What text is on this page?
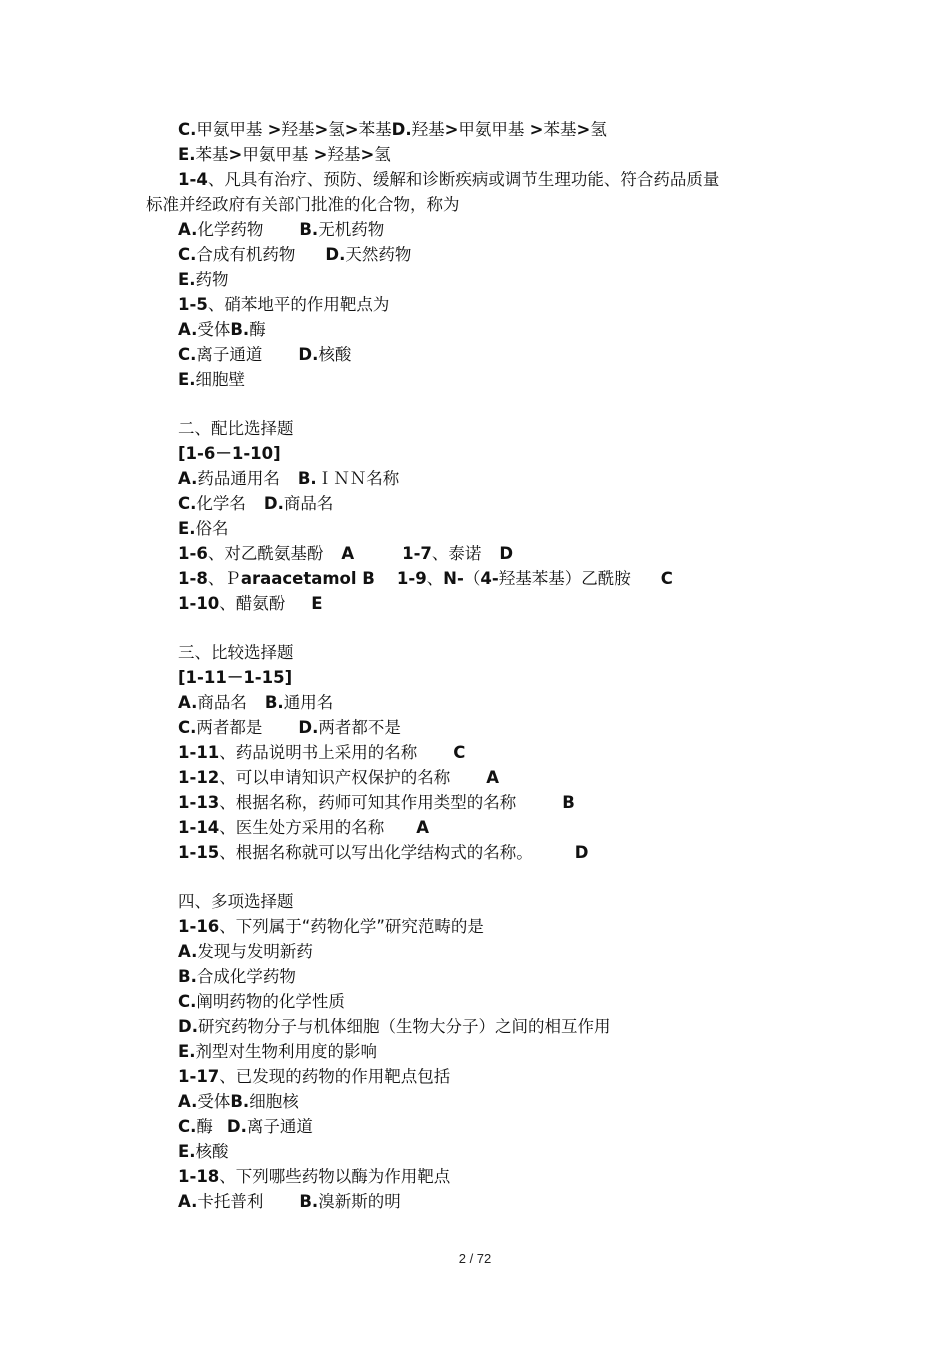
C.甲氨甲基 >羟基>氢>苯基D.羟基>甲氨甲基 >苯基>氢
E.苯基>甲氨甲基 >羟基>氢
1-4、凡具有治疗、预防、缓解和诊断疾病或调节生理功能、符合药品质量
标准并经政府有关部门批准的化合物，称为
A.化学药物 B.无机药物
C.合成有机药物 D.天然药物
E.药物
1-5、硝苯地平的作用靶点为
A.受体B.酶
C.离子通道 D.核酸
E.细胞壁
二、配比选择题
[1-6－1-10]
A.药品通用名 B.ＩＮＮ名称
C.化学名 D.商品名
E.俗名
1-6、对乙酰氨基酚 A	1-7、泰诺 D
1-8、Ｐaraacetamol B 1-9、N-（4-羟基苯基）乙酰胺 C
1-10、醋氨酚 E
三、比较选择题
[1-11－1-15]
A.商品名 B.通用名
C.两者都是 D.两者都不是
1-11、药品说明书上采用的名称 C
1-12、可以申请知识产权保护的名称 A
1-13、根据名称，药师可知其作用类型的名称	B
1-14、医生处方采用的名称 A
1-15、根据名称就可以写出化学结构式的名称。	D
四、多项选择题
1-16、下列属于“药物化学”研究范畴的是
A.发现与发明新药
B.合成化学药物
C.阐明药物的化学性质
D.研究药物分子与机体细胞（生物大分子）之间的相互作用
E.剂型对生物利用度的影响
1-17、已发现的药物的作用靶点包括
A.受体B.细胞核
C.酶 D.离子通道
E.核酸
1-18、下列哪些药物以酶为作用靶点
A.卡托普利 B.溴新斯的明
2 / 72
